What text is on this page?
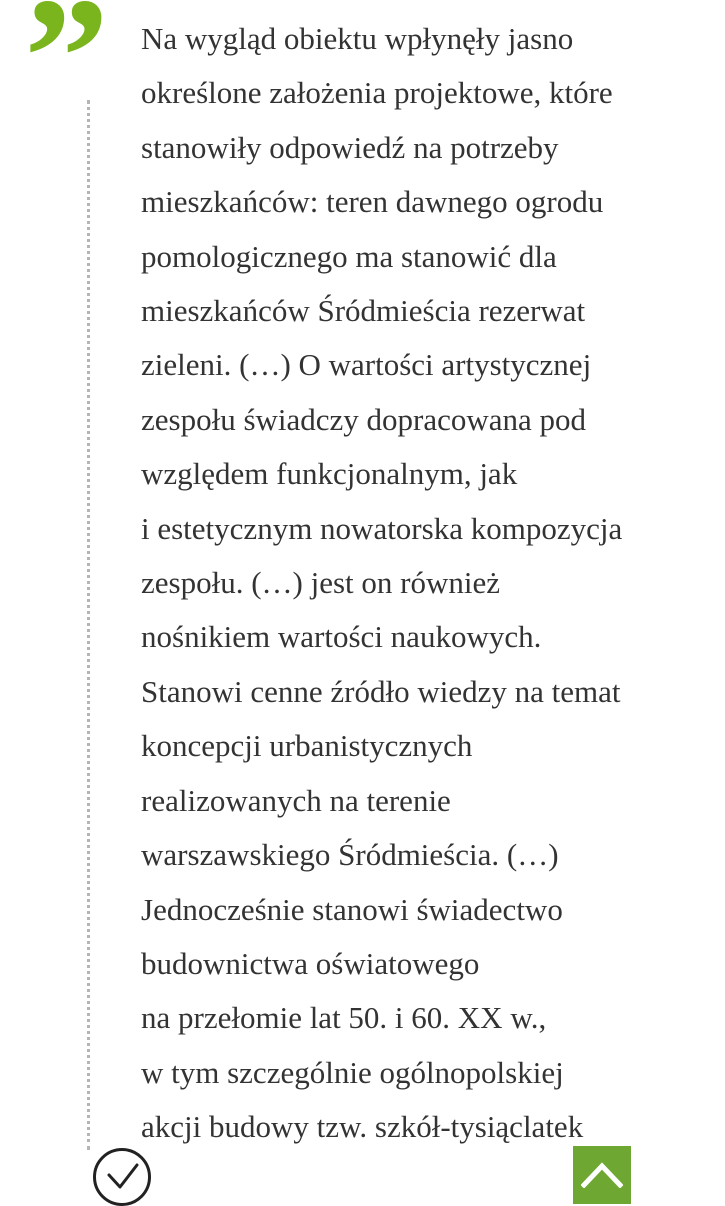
” Na wygląd obiektu wpłynęły jasno
określone założenia projektowe, które
stanowiły odpowiedź na potrzeby
mieszkańców: teren dawnego ogrodu
pomologicznego ma stanowić dla
mieszkańców Śródmieścia rezerwat
zieleni. (…) O wartości artystycznej
zespołu świadczy dopracowana pod
względem funkcjonalnym, jak
i estetycznym nowatorska kompozycja
zespołu. (…) jest on również
nośnikiem wartości naukowych.
Stanowi cenne źródło wiedzy na temat
koncepcji urbanistycznych
realizowanych na terenie
warszawskiego Śródmieścia. (…)
Jednocześnie stanowi świadectwo
budownictwa oświatowego
na przełomie lat 50. i 60. XX w.,
w tym szczególnie ogólnopolskiej
akcji budowy tzw. szkół-tysiąclatek
